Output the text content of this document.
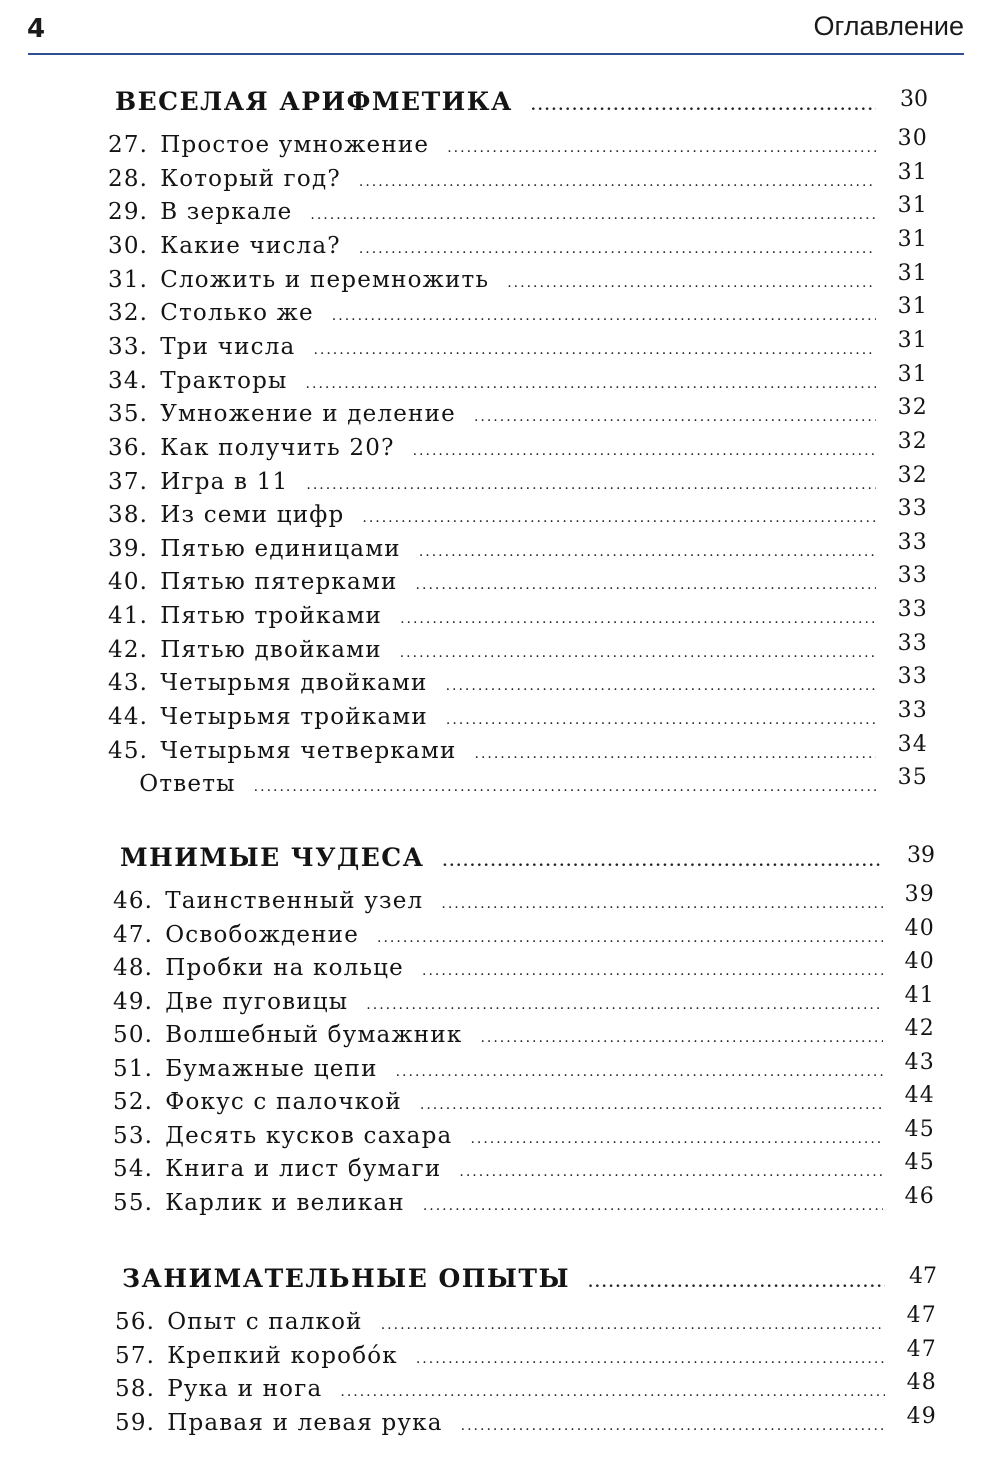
4	Оглавление
ВЕСЕЛАЯ АРИФМЕТИКА .....	30
27. Простое умножение .....	30
28. Который год? .....	31
29. В зеркале .....	31
30. Какие числа? .....	31
31. Сложить и перемножить .....	31
32. Столько же .....	31
33. Три числа .....	31
34. Тракторы .....	31
35. Умножение и деление .....	32
36. Как получить 20? .....	32
37. Игра в 11 .....	32
38. Из семи цифр .....	33
39. Пятью единицами .....	33
40. Пятью пятерками .....	33
41. Пятью тройками .....	33
42. Пятью двойками .....	33
43. Четырьмя двойками .....	33
44. Четырьмя тройками .....	33
45. Четырьмя четверками .....	34
Ответы .....	35
МНИМЫЕ ЧУДЕСА .....	39
46. Таинственный узел .....	39
47. Освобождение .....	40
48. Пробки на кольце .....	40
49. Две пуговицы .....	41
50. Волшебный бумажник .....	42
51. Бумажные цепи .....	43
52. Фокус с палочкой .....	44
53. Десять кусков сахара .....	45
54. Книга и лист бумаги .....	45
55. Карлик и великан .....	46
ЗАНИМАТЕЛЬНЫЕ ОПЫТЫ .....	47
56. Опыт с палкой .....	47
57. Крепкий коробо́к .....	47
58. Рука и нога .....	48
59. Правая и левая рука .....	49
